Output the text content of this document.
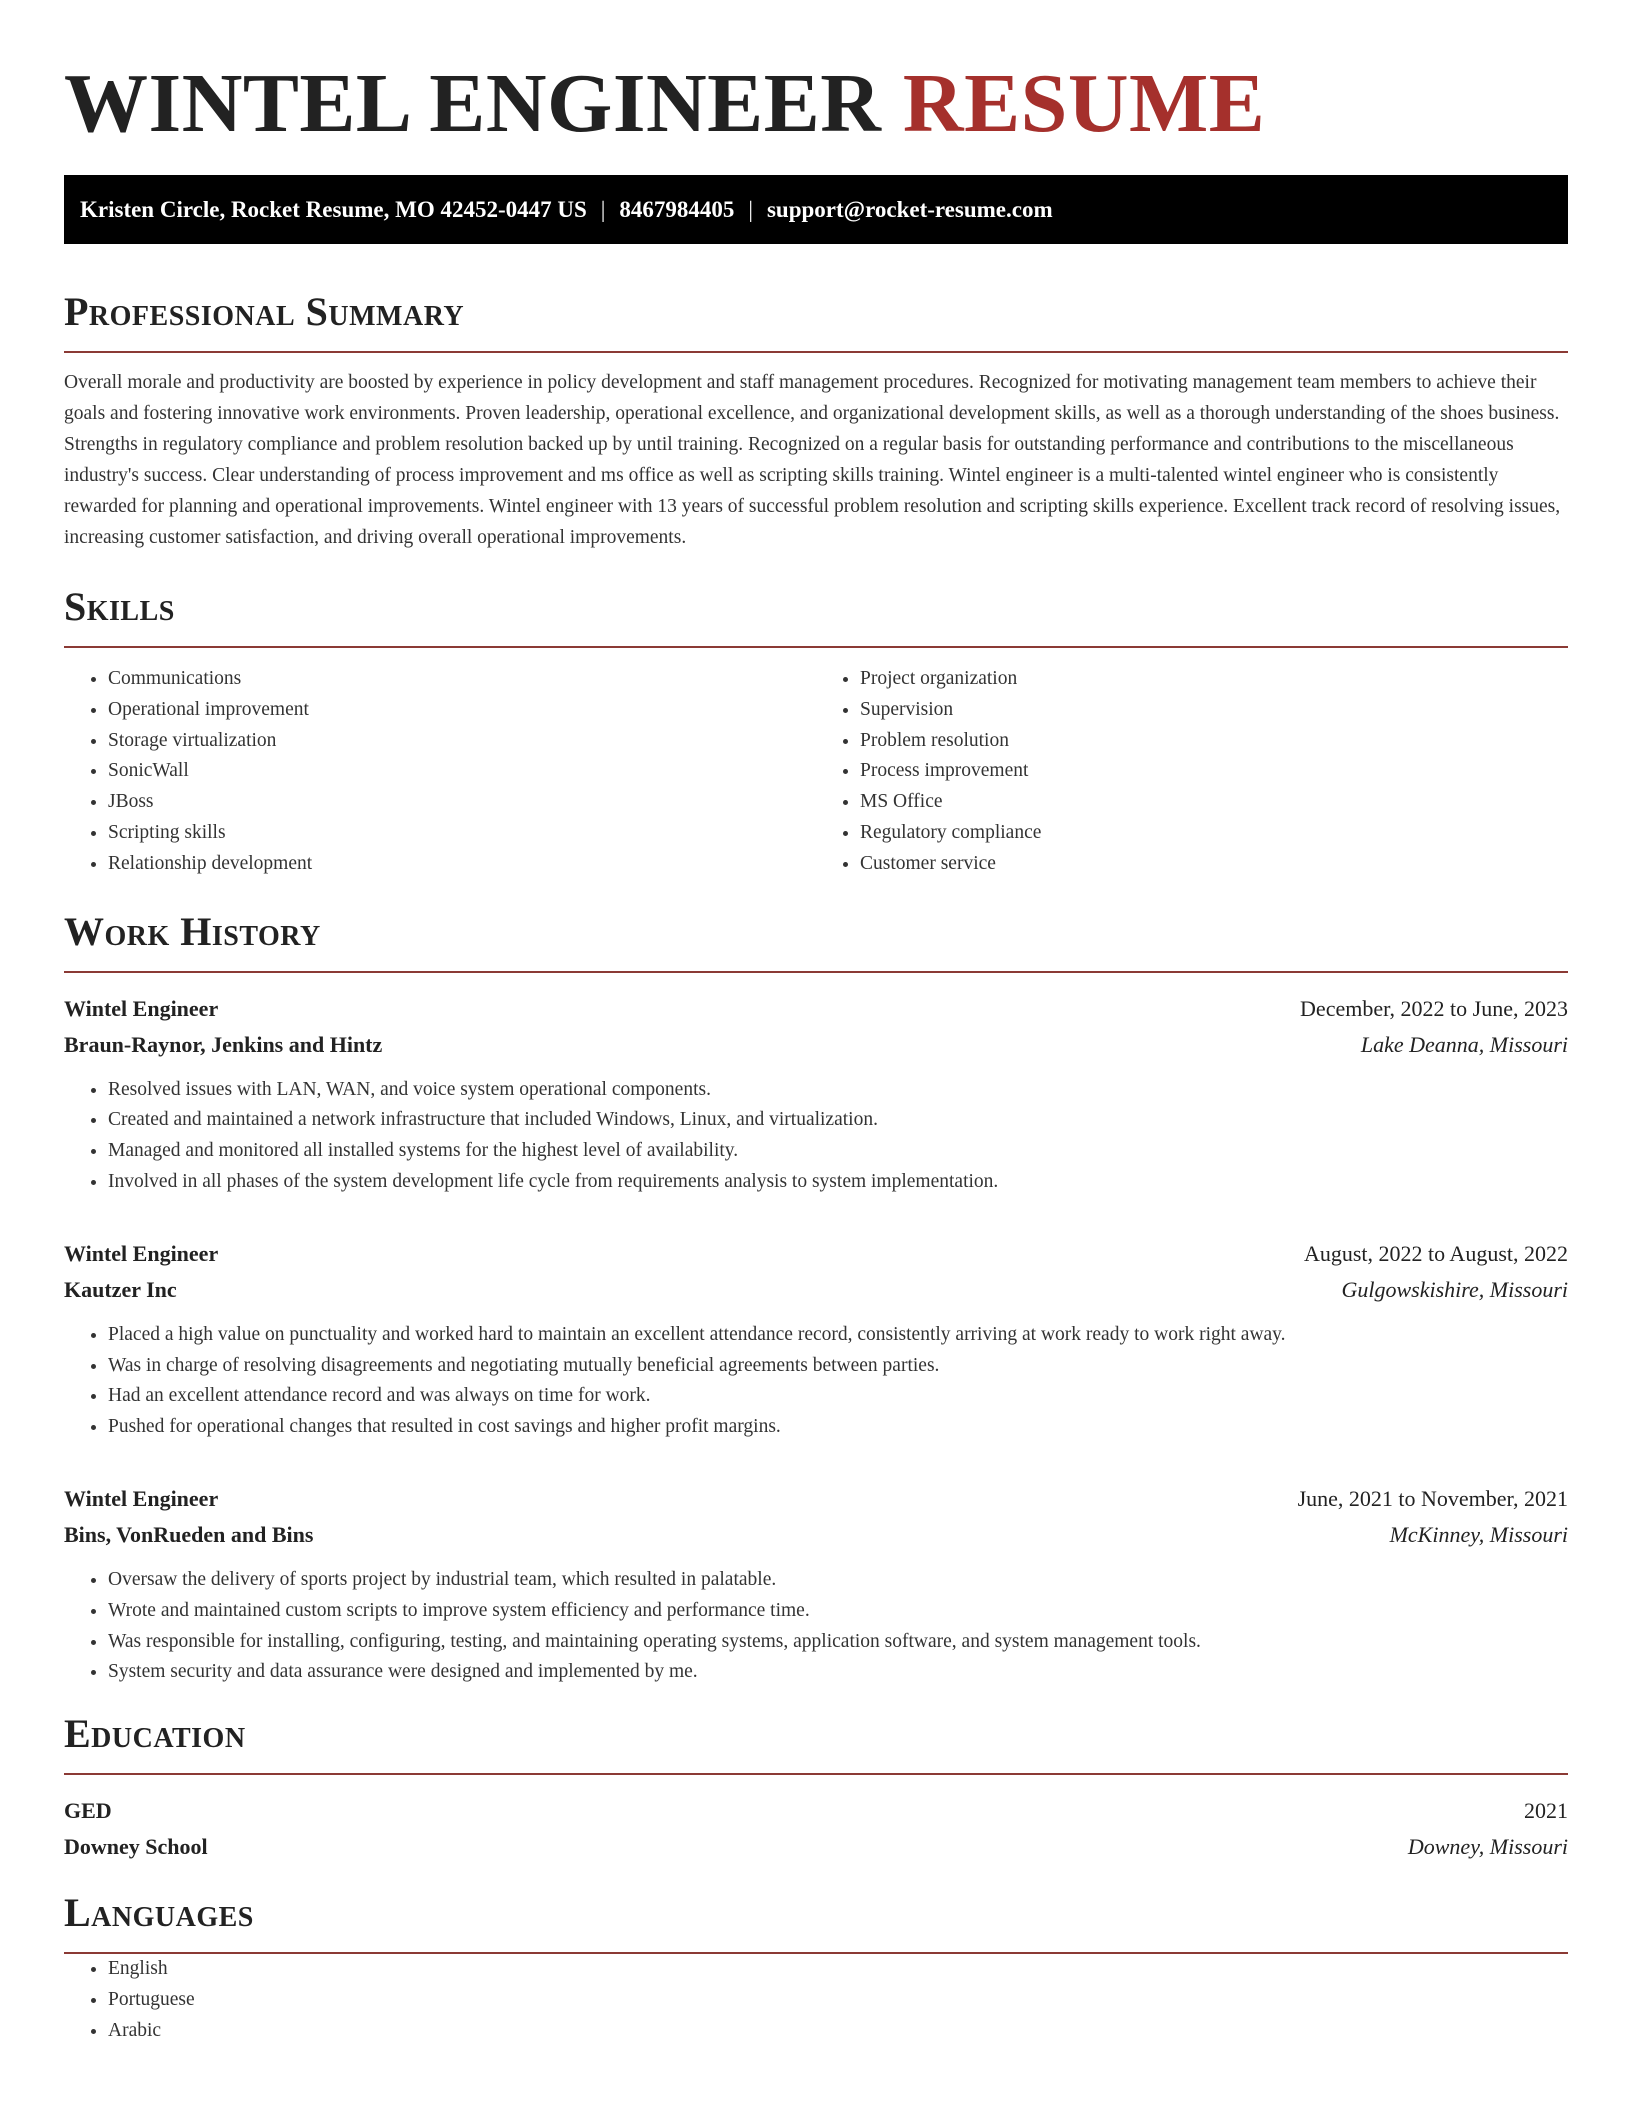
WINTEL ENGINEER RESUME
Kristen Circle, Rocket Resume, MO 42452-0447 US | 8467984405 | support@rocket-resume.com
Professional Summary

Overall morale and productivity are boosted by experience in policy development and staff management procedures. Recognized for motivating management team members to achieve their goals and fostering innovative work environments. Proven leadership, operational excellence, and organizational development skills, as well as a thorough understanding of the shoes business. Strengths in regulatory compliance and problem resolution backed up by until training. Recognized on a regular basis for outstanding performance and contributions to the miscellaneous industry's success. Clear understanding of process improvement and ms office as well as scripting skills training. Wintel engineer is a multi-talented wintel engineer who is consistently rewarded for planning and operational improvements. Wintel engineer with 13 years of successful problem resolution and scripting skills experience. Excellent track record of resolving issues, increasing customer satisfaction, and driving overall operational improvements.

Skills
• Communications
• Operational improvement
• Storage virtualization
• SonicWall
• JBoss
• Scripting skills
• Relationship development
• Project organization
• Supervision
• Problem resolution
• Process improvement
• MS Office
• Regulatory compliance
• Customer service
Work History
Wintel Engineer	December, 2022 to June, 2023
Braun-Raynor, Jenkins and Hintz	Lake Deanna, Missouri
• Resolved issues with LAN, WAN, and voice system operational components.
• Created and maintained a network infrastructure that included Windows, Linux, and virtualization.
• Managed and monitored all installed systems for the highest level of availability.
• Involved in all phases of the system development life cycle from requirements analysis to system implementation.
Wintel Engineer	August, 2022 to August, 2022
Kautzer Inc	Gulgowskishire, Missouri
• Placed a high value on punctuality and worked hard to maintain an excellent attendance record, consistently arriving at work ready to work right away.
• Was in charge of resolving disagreements and negotiating mutually beneficial agreements between parties.
• Had an excellent attendance record and was always on time for work.
• Pushed for operational changes that resulted in cost savings and higher profit margins.
Wintel Engineer	June, 2021 to November, 2021
Bins, VonRueden and Bins	McKinney, Missouri
• Oversaw the delivery of sports project by industrial team, which resulted in palatable.
• Wrote and maintained custom scripts to improve system efficiency and performance time.
• Was responsible for installing, configuring, testing, and maintaining operating systems, application software, and system management tools.
• System security and data assurance were designed and implemented by me.
Education
GED	2021
Downey School	Downey, Missouri
Languages
• English
• Portuguese
• Arabic
